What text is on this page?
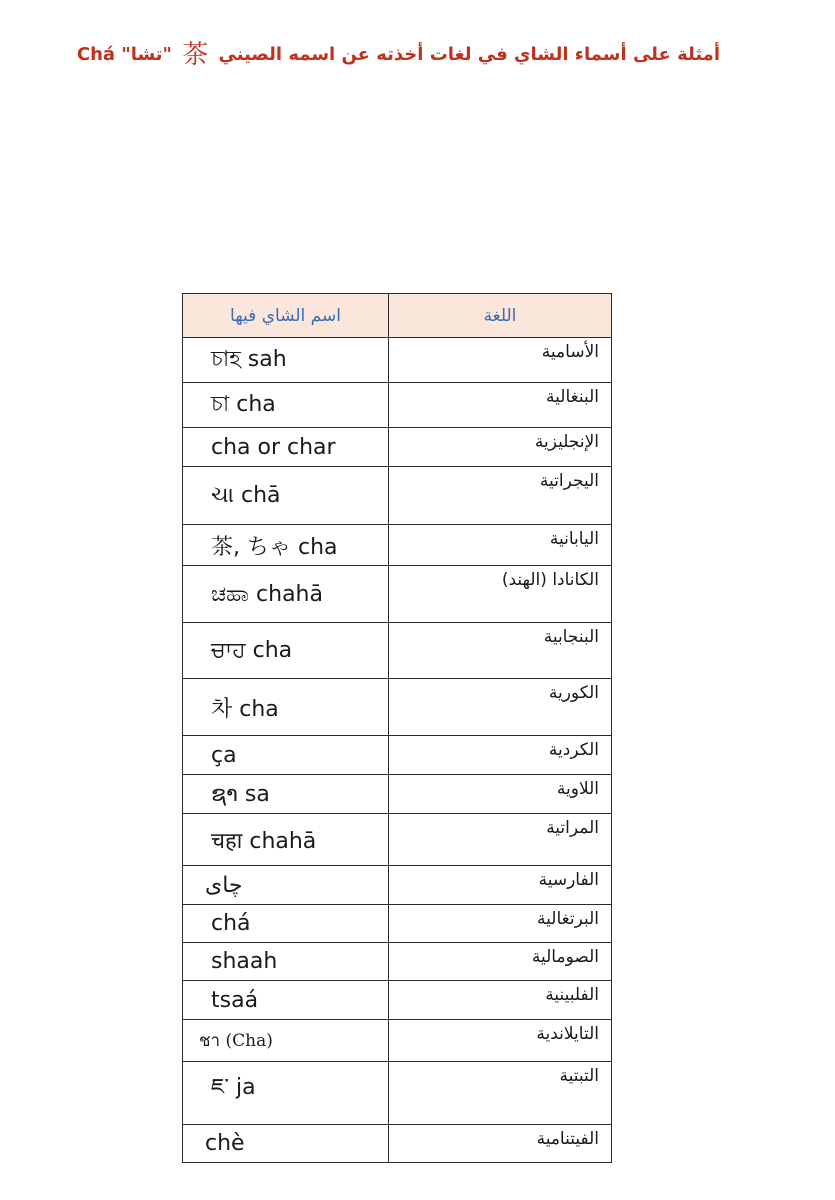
أمثلة على أسماء الشاي في لغات أخذته عن اسمه الصيني 茶 "تشا" Chá
اسم الشاي فيها	اللغة
চাহ sah	الأسامية
চা cha	البنغالية
cha or char	الإنجليزية
ચા chā	اليجراتية
茶, ちゃ cha	اليابانية
ಚಹಾ chahā	الكانادا (الهند)
ਚਾਹ cha	البنجابية
차 cha	الكورية
ça	الكردية
ຊາ sa	اللاوية
चहा chahā	المراتية
چای	الفارسية
chá	البرتغالية
shaah	الصومالية
tsaá	الفلبينية
ชา (Cha)	التايلاندية
ཇ་ ja	التبتية
chè	الفيتنامية
